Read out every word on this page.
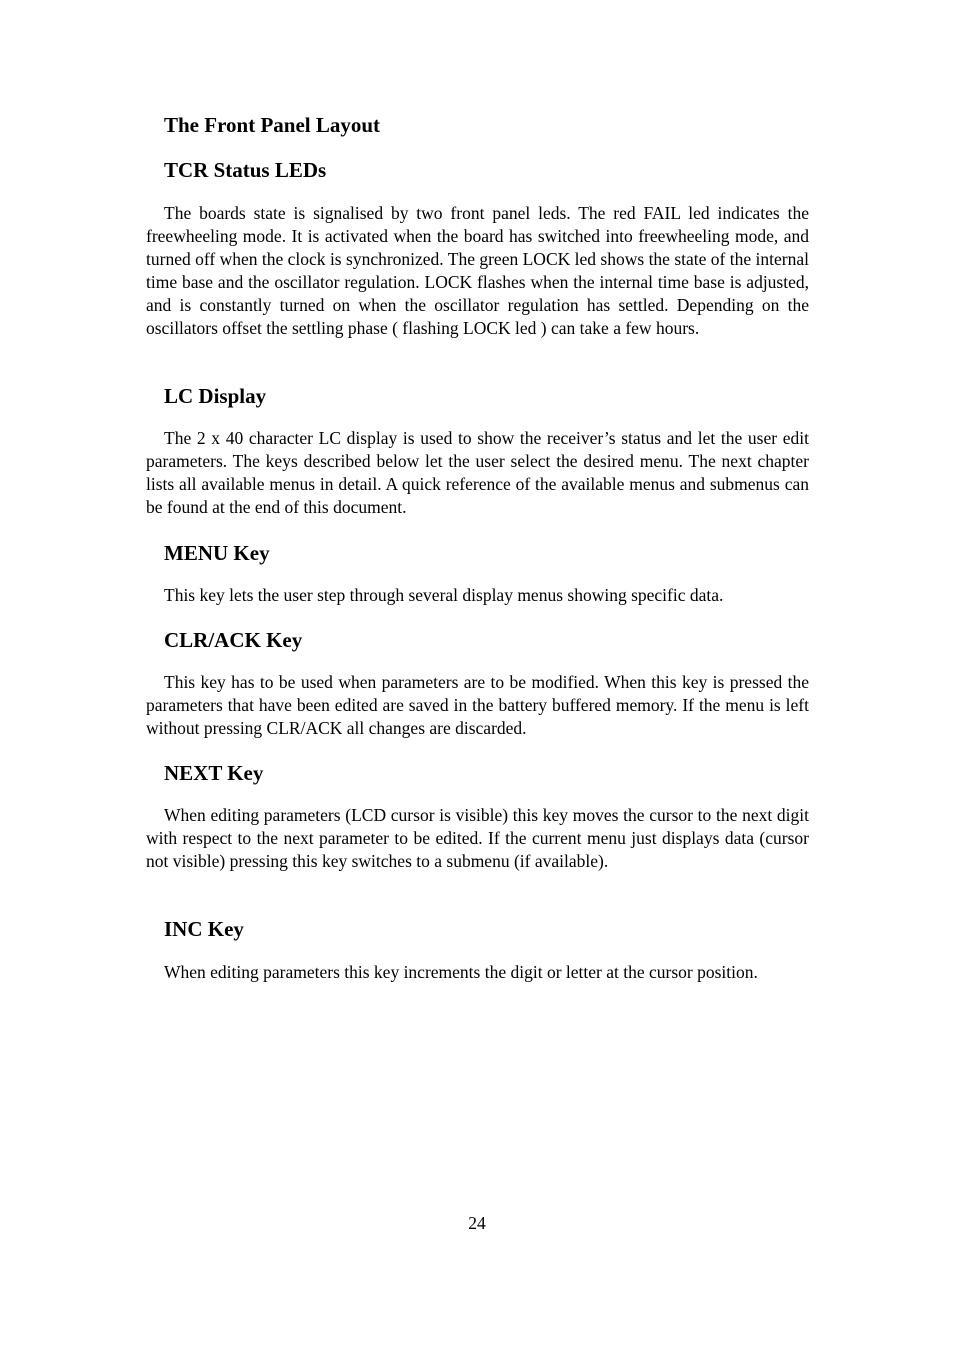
The Front Panel Layout
TCR Status LEDs

The boards state is signalised by two front panel leds. The red FAIL led indicates the freewheeling mode. It is activated when the board has switched into freewheeling mode, and turned off when the clock is synchronized. The green LOCK led shows the state of the internal time base and the oscillator regulation. LOCK flashes when the internal time base is adjusted, and is constantly turned on when the oscillator regulation has settled. Depending on the oscillators offset the settling phase ( flashing LOCK led ) can take a few hours.

LC Display

The 2 x 40 character LC display is used to show the receiver’s status and let the user edit parameters. The keys described below let the user select the desired menu. The next chapter lists all available menus in detail. A quick reference of the available menus and submenus can be found at the end of this document.

MENU Key

This key lets the user step through several display menus showing specific data.

CLR/ACK Key

This key has to be used when parameters are to be modified. When this key is pressed the parameters that have been edited are saved in the battery buffered memory. If the menu is left without pressing CLR/ACK all changes are discarded.

NEXT Key

When editing parameters (LCD cursor is visible) this key moves the cursor to the next digit with respect to the next parameter to be edited. If the current menu just displays data (cursor not visible) pressing this key switches to a submenu (if available).

INC Key

When editing parameters this key increments the digit or letter at the cursor position.

24
